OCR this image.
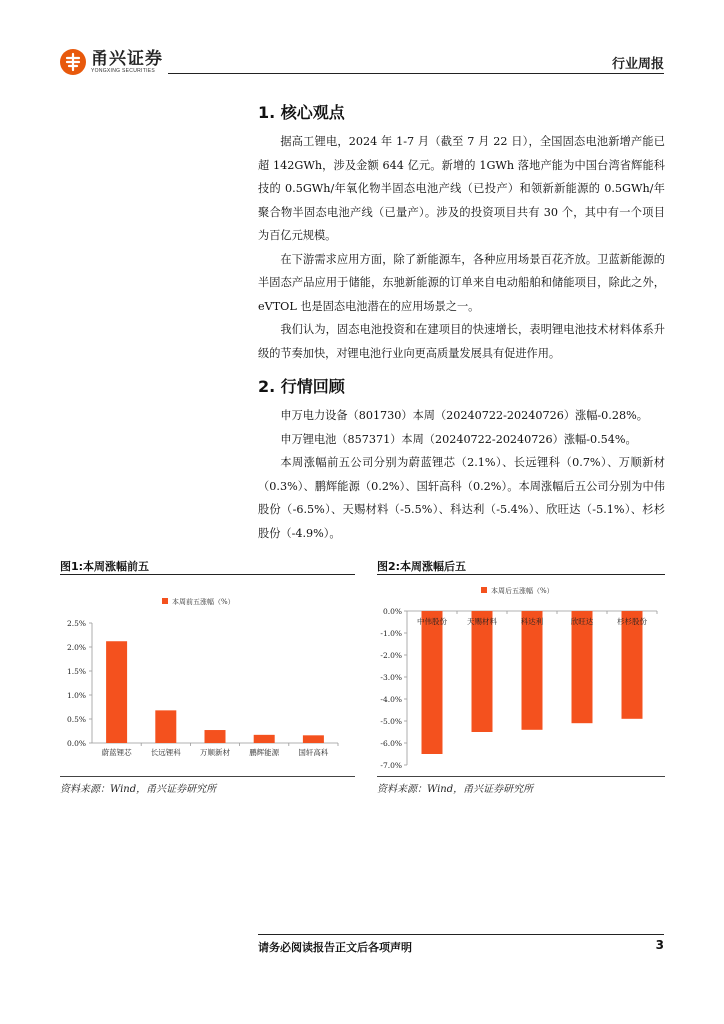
甬兴证券
YONGXING SECURITIES	行业周报
1. 核心观点

据高工锂电，2024 年 1-7 月（截至 7 月 22 日），全国固态电池新增产能已超 142GWh，涉及金额 644 亿元。新增的 1GWh 落地产能为中国台湾省辉能科技的 0.5GWh/年氧化物半固态电池产线（已投产）和领新新能源的 0.5GWh/年聚合物半固态电池产线（已量产）。涉及的投资项目共有 30 个，其中有一个项目为百亿元规模。

在下游需求应用方面，除了新能源车，各种应用场景百花齐放。卫蓝新能源的半固态产品应用于储能，东驰新能源的订单来自电动船舶和储能项目，除此之外，eVTOL 也是固态电池潜在的应用场景之一。

我们认为，固态电池投资和在建项目的快速增长，表明锂电池技术材料体系升级的节奏加快，对锂电池行业向更高质量发展具有促进作用。

2. 行情回顾

申万电力设备（801730）本周（20240722-20240726）涨幅-0.28%。

申万锂电池（857371）本周（20240722-20240726）涨幅-0.54%。

本周涨幅前五公司分别为蔚蓝锂芯（2.1%）、长远锂科（0.7%）、万顺新材（0.3%）、鹏辉能源（0.2%）、国轩高科（0.2%）。本周涨幅后五公司分别为中伟股份（-6.5%）、天赐材料（-5.5%）、科达利（-5.4%）、欣旺达（-5.1%）、杉杉股份（-4.9%）。

图1:本周涨幅前五
本周前五涨幅（%）
0.0%
0.5%
1.0%
1.5%
2.0%
2.5%
蔚蓝锂芯	长远锂科	万顺新材	鹏辉能源	国轩高科
资料来源：Wind，甬兴证券研究所
图2:本周涨幅后五
本周后五涨幅（%）
0.0%
-1.0%
-2.0%
-3.0%
-4.0%
-5.0%
-6.0%
-7.0%
中伟股份	天赐材料	科达利	欣旺达	杉杉股份
资料来源：Wind，甬兴证券研究所
请务必阅读报告正文后各项声明	3
